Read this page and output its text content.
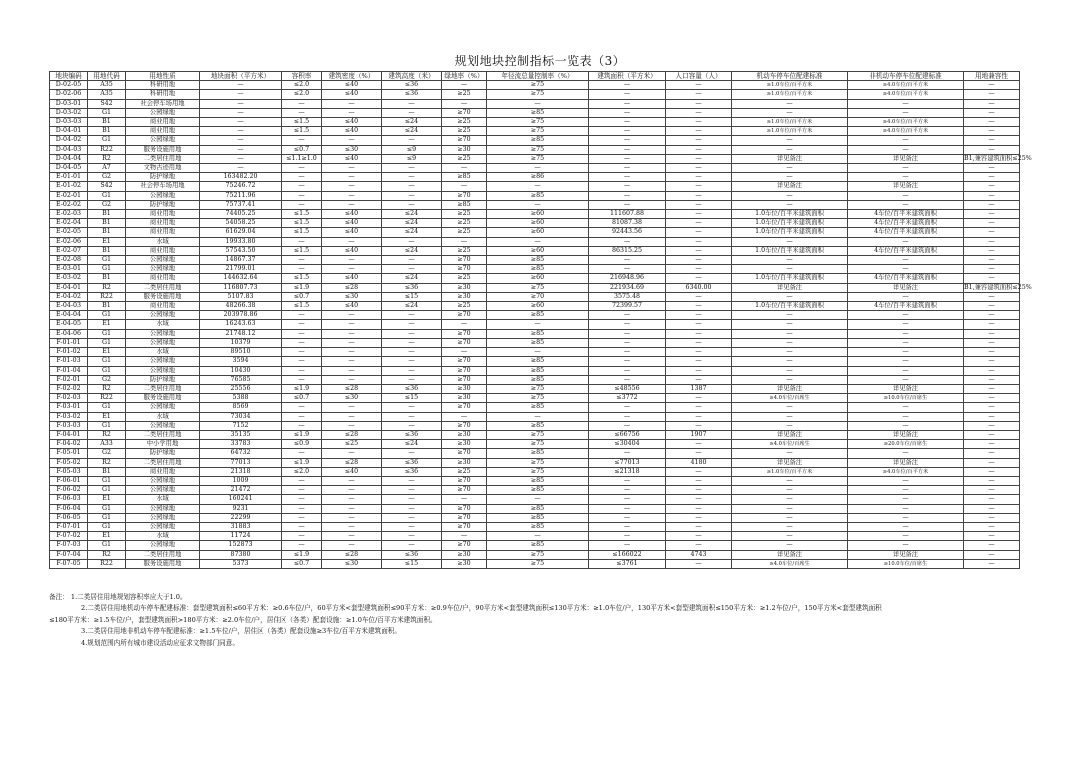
规划地块控制指标一览表（3）
地块编码	用地代码	用地性质	地块面积（平方米）	容积率	建筑密度（%）	建筑高度（米）	绿地率（%）	年径流总量控制率（%）	建筑面积（平方米）	人口容量（人）	机动车停车位配建标准	非机动车停车位配建标准	用地兼容性
D-02-05	A35	科研用地	—	≤2.0	≤40	≤36	—	≥75	—	—	≥1.0车位/百平方米	≥4.0车位/百平方米	—
D-02-06	A35	科研用地	—	≤2.0	≤40	≤36	≥25	≥75	—	—	≥1.0车位/百平方米	≥4.0车位/百平方米	—
D-03-01	S42	社会停车场用地	—	—	—	—	—	—	—	—	—	—	—
D-03-02	G1	公园绿地	—	—	—	—	≥70	≥85	—	—	—	—	—
D-03-03	B1	商业用地	—	≤1.5	≤40	≤24	≥25	≥75	—	—	≥1.0车位/百平方米	≥4.0车位/百平方米	—
D-04-01	B1	商业用地	—	≤1.5	≤40	≤24	≥25	≥75	—	—	≥1.0车位/百平方米	≥4.0车位/百平方米	—
D-04-02	G1	公园绿地	—	—	—	—	≥70	≥85	—	—	—	—	—
D-04-03	R22	服务设施用地	—	≤0.7	≤30	≤9	≥30	≥75	—	—	—	—	—
D-04-04	R2	二类居住用地	—	≤1.1≥1.0	≤40	≤9	≥25	≥75	—	—	详见备注	详见备注	B1,兼容建筑面积≤25%
D-04-05	A7	文物古迹用地	—	—	—	—	—	—	—	—	—	—	—
E-01-01	G2	防护绿地	163482.20	—	—	—	≥85	≥86	—	—	—	—	—
E-01-02	S42	社会停车场用地	75246.72	—	—	—	—	—	—	—	详见备注	详见备注	—
E-02-01	G1	公园绿地	75211.96	—	—	—	≥70	≥85	—	—	—	—	—
E-02-02	G2	防护绿地	75737.41	—	—	—	≥85	—	—	—	—	—	—
E-02-03	B1	商业用地	74405.25	≤1.5	≤40	≤24	≥25	≥60	111607.88	—	1.0车位/百平米建筑面积	4车位/百平米建筑面积	—
E-02-04	B1	商业用地	54058.25	≤1.5	≤40	≤24	≥25	≥60	81087.38	—	1.0车位/百平米建筑面积	4车位/百平米建筑面积	—
E-02-05	B1	商业用地	61629.04	≤1.5	≤40	≤24	≥25	≥60	92443.56	—	1.0车位/百平米建筑面积	4车位/百平米建筑面积	—
E-02-06	E1	水域	19933.80	—	—	—	—	—	—	—	—	—	—
E-02-07	B1	商业用地	57543.50	≤1.5	≤40	≤24	≥25	≥60	86315.25	—	1.0车位/百平米建筑面积	4车位/百平米建筑面积	—
E-02-08	G1	公园绿地	14867.37	—	—	—	≥70	≥85	—	—	—	—	—
E-03-01	G1	公园绿地	21799.01	—	—	—	≥70	≥85	—	—	—	—	—
E-03-02	B1	商业用地	144632.64	≤1.5	≤40	≤24	≥25	≥60	216948.96	—	1.0车位/百平米建筑面积	4车位/百平米建筑面积	—
E-04-01	R2	二类居住用地	116807.73	≤1.9	≤28	≤36	≥30	≥75	221934.69	6340.00	详见备注	详见备注	B1,兼容建筑面积≤25%
E-04-02	R22	服务设施用地	5107.83	≤0.7	≤30	≤15	≥30	≥70	3575.48	—	—	—	—
E-04-03	B1	商业用地	48266.38	≤1.5	≤40	≤24	≥25	≥60	72399.57	—	1.0车位/百平米建筑面积	4车位/百平米建筑面积	—
E-04-04	G1	公园绿地	203978.86	—	—	—	≥70	≥85	—	—	—	—	—
E-04-05	E1	水域	16243.63	—	—	—	—	—	—	—	—	—	—
E-04-06	G1	公园绿地	21748.12	—	—	—	≥70	≥85	—	—	—	—	—
F-01-01	G1	公园绿地	10379	—	—	—	≥70	≥85	—	—	—	—	—
F-01-02	E1	水域	89510	—	—	—	—	—	—	—	—	—	—
F-01-03	G1	公园绿地	3594	—	—	—	≥70	≥85	—	—	—	—	—
F-01-04	G1	公园绿地	10430	—	—	—	≥70	≥85	—	—	—	—	—
F-02-01	G2	防护绿地	76585	—	—	—	≥70	≥85	—	—	—	—	—
F-02-02	R2	二类居住用地	25556	≤1.9	≤28	≤36	≥30	≥75	≤48556	1387	详见备注	详见备注	—
F-02-03	R22	服务设施用地	5388	≤0.7	≤30	≤15	≥30	≥75	≤3772	—	≥4.0车位/百席生	≥10.0车位/百席生	—
F-03-01	G1	公园绿地	8569	—	—	—	≥70	≥85	—	—	—	—	—
F-03-02	E1	水域	73034	—	—	—	—	—	—	—	—	—	—
F-03-03	G1	公园绿地	7152	—	—	—	≥70	≥85	—	—	—	—	—
F-04-01	R2	二类居住用地	35135	≤1.9	≤28	≤36	≥30	≥75	≤66756	1907	详见备注	详见备注	—
F-04-02	A33	中小学用地	33783	≤0.9	≤25	≤24	≥30	≥75	≤30404	—	≥4.0车位/百席生	≥20.0车位/百席生	—
F-05-01	G2	防护绿地	64732	—	—	—	≥70	≥85	—	—	—	—	—
F-05-02	R2	二类居住用地	77013	≤1.9	≤28	≤36	≥30	≥75	≤77013	4180	详见备注	详见备注	—
F-05-03	B1	商业用地	21318	≤2.0	≤40	≤36	≥25	≥75	≤21318	—	≥1.0车位/百平方米	≥4.0车位/百平方米	—
F-06-01	G1	公园绿地	1009	—	—	—	≥70	≥85	—	—	—	—	—
F-06-02	G1	公园绿地	21472	—	—	—	≥70	≥85	—	—	—	—	—
F-06-03	E1	水域	160241	—	—	—	—	—	—	—	—	—	—
F-06-04	G1	公园绿地	9231	—	—	—	≥70	≥85	—	—	—	—	—
F-06-05	G1	公园绿地	22299	—	—	—	≥70	≥85	—	—	—	—	—
F-07-01	G1	公园绿地	31883	—	—	—	≥70	≥85	—	—	—	—	—
F-07-02	E1	水域	11724	—	—	—	—	—	—	—	—	—	—
F-07-03	G1	公园绿地	152873	—	—	—	≥70	≥85	—	—	—	—	—
F-07-04	R2	二类居住用地	87380	≤1.9	≤28	≤36	≥30	≥75	≤166022	4743	详见备注	详见备注	—
F-07-05	R22	服务设施用地	5373	≤0.7	≤30	≤15	≥30	≥75	≤3761	—	≥4.0车位/百席生	≥10.0车位/百席生	—
备注： 1.二类居住用地规划容积率应大于1.0。
2.二类居住用地机动车停车配建标准：套型建筑面积≤60平方米：≥0.6车位/户，60平方米<套型建筑面积≤90平方米：≥0.9车位/户，90平方米<套型建筑面积≤130平方米：≥1.0车位/户，130平方米<套型建筑面积≤150平方米：≥1.2车位/户，150平方米<套型建筑面积
≤180平方米：≥1.5车位/户，套型建筑面积>180平方米：≥2.0车位/户，居住区（各类）配套设施：≥1.0车位/百平方米建筑面积。
3.二类居住用地非机动车停车配建标准：≥1.5车位/户，居住区（各类）配套设施≥3车位/百平方米建筑面积。
4.规划范围内所有城市建设活动应征求文物部门同意。
